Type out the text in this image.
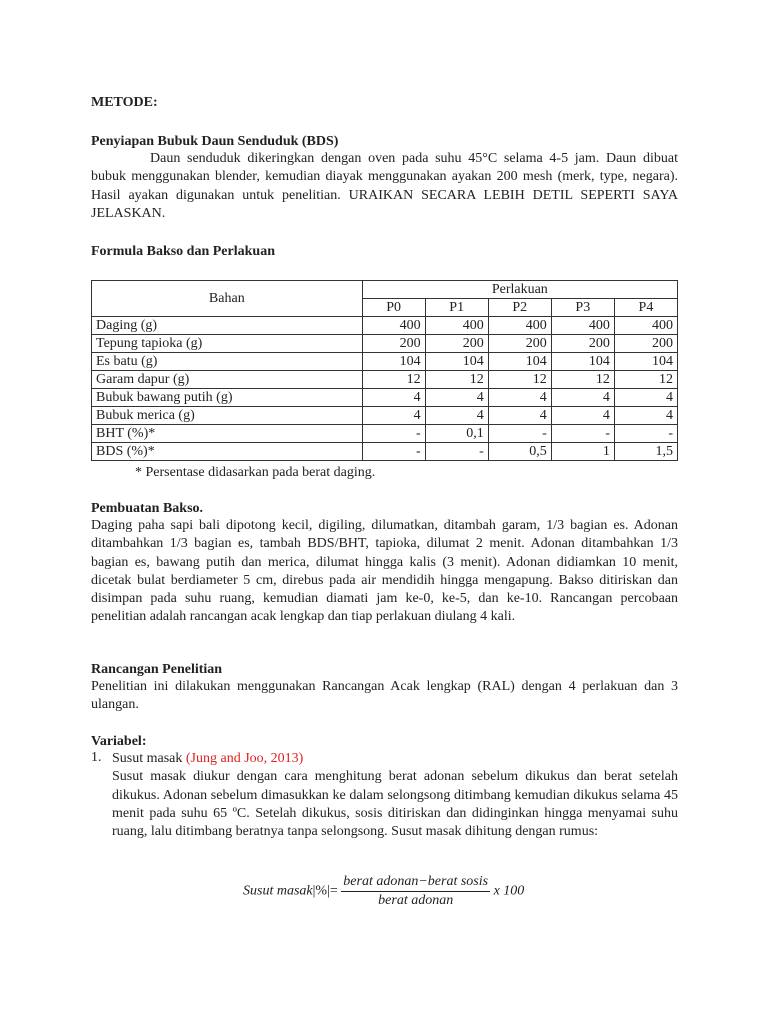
METODE:
Penyiapan Bubuk Daun Senduduk (BDS)
Daun senduduk dikeringkan dengan oven pada suhu 45°C selama 4-5 jam. Daun dibuat bubuk menggunakan blender, kemudian diayak menggunakan ayakan 200 mesh (merk, type, negara). Hasil ayakan digunakan untuk penelitian. URAIKAN SECARA LEBIH DETIL SEPERTI SAYA JELASKAN.
Formula Bakso dan Perlakuan
Bahan	Perlakuan				
	P0	P1	P2	P3	P4
Daging (g)	400	400	400	400	400
Tepung tapioka (g)	200	200	200	200	200
Es batu (g)	104	104	104	104	104
Garam dapur (g)	12	12	12	12	12
Bubuk bawang putih (g)	4	4	4	4	4
Bubuk merica (g)	4	4	4	4	4
BHT (%)*	-	0,1	-	-	-
BDS (%)*	-	-	0,5	1	1,5
* Persentase didasarkan pada berat daging.
Pembuatan Bakso.
Daging paha sapi bali dipotong kecil, digiling, dilumatkan, ditambah garam, 1/3 bagian es. Adonan ditambahkan 1/3 bagian es, tambah BDS/BHT, tapioka, dilumat 2 menit. Adonan ditambahkan 1/3 bagian es, bawang putih dan merica, dilumat hingga kalis (3 menit). Adonan didiamkan 10 menit, dicetak bulat berdiameter 5 cm, direbus pada air mendidih hingga mengapung. Bakso ditiriskan dan disimpan pada suhu ruang, kemudian diamati jam ke-0, ke-5, dan ke-10. Rancangan percobaan penelitian adalah rancangan acak lengkap dan tiap perlakuan diulang 4 kali.
Rancangan Penelitian
Penelitian ini dilakukan menggunakan Rancangan Acak lengkap (RAL) dengan 4 perlakuan dan 3 ulangan.
Variabel:
1. Susut masak (Jung and Joo, 2013)
Susut masak diukur dengan cara menghitung berat adonan sebelum dikukus dan berat setelah dikukus. Adonan sebelum dimasukkan ke dalam selongsong ditimbang kemudian dikukus selama 45 menit pada suhu 65 ºC. Setelah dikukus, sosis ditiriskan dan didinginkan hingga menyamai suhu ruang, lalu ditimbang beratnya tanpa selongsong. Susut masak dihitung dengan rumus:
Susut masak|%|= $\frac{\text{berat adonan−berat sosis}}{\text{berat adonan}}$ x 100
